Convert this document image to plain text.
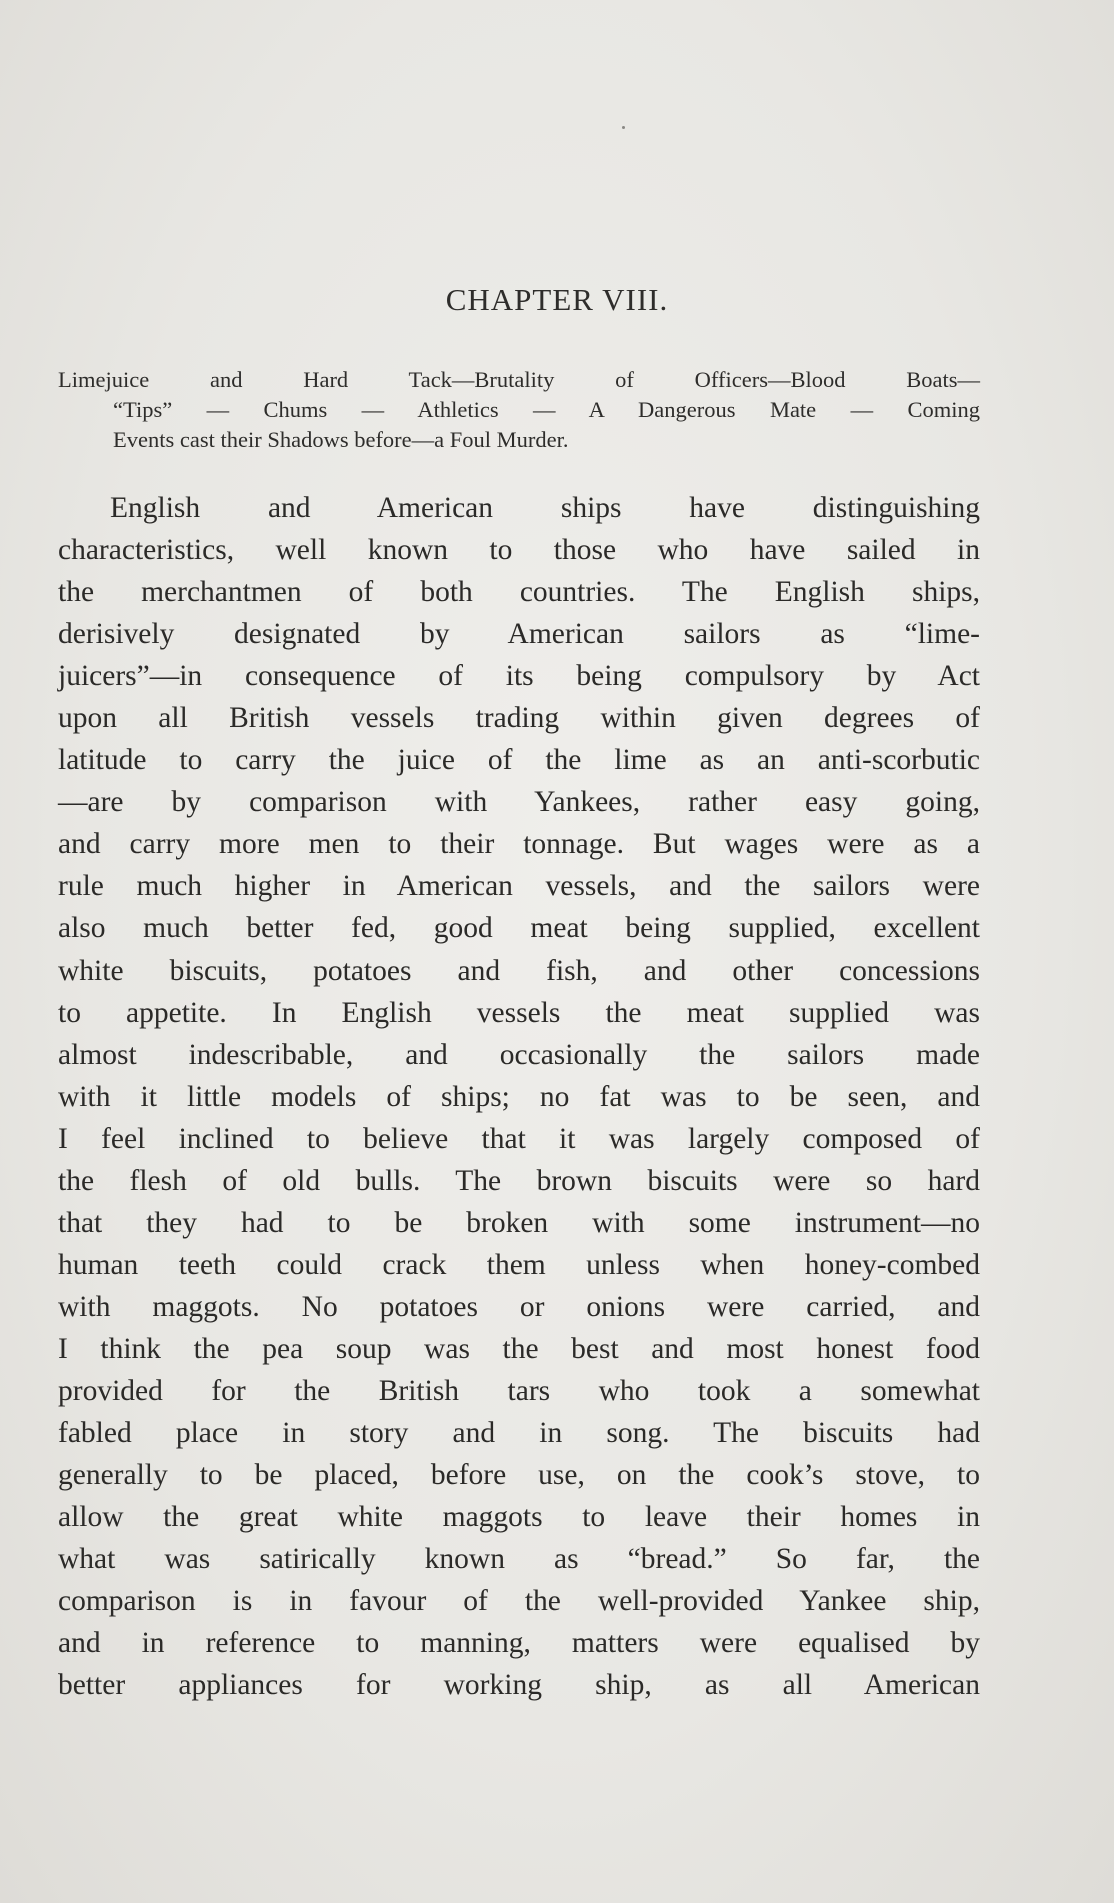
CHAPTER VIII.
Limejuice and Hard Tack—Brutality of Officers—Blood Boats—
“Tips” — Chums — Athletics — A Dangerous Mate — Coming
Events cast their Shadows before—a Foul Murder.
English and American ships have distinguishing
characteristics, well known to those who have sailed in
the merchantmen of both countries. The English ships,
derisively designated by American sailors as “lime-
juicers”—in consequence of its being compulsory by Act
upon all British vessels trading within given degrees of
latitude to carry the juice of the lime as an anti-scorbutic
—are by comparison with Yankees, rather easy going,
and carry more men to their tonnage. But wages were as a
rule much higher in American vessels, and the sailors were
also much better fed, good meat being supplied, excellent
white biscuits, potatoes and fish, and other concessions
to appetite. In English vessels the meat supplied was
almost indescribable, and occasionally the sailors made
with it little models of ships; no fat was to be seen, and
I feel inclined to believe that it was largely composed of
the flesh of old bulls. The brown biscuits were so hard
that they had to be broken with some instrument—no
human teeth could crack them unless when honey-combed
with maggots. No potatoes or onions were carried, and
I think the pea soup was the best and most honest food
provided for the British tars who took a somewhat
fabled place in story and in song. The biscuits had
generally to be placed, before use, on the cook’s stove, to
allow the great white maggots to leave their homes in
what was satirically known as “bread.” So far, the
comparison is in favour of the well-provided Yankee ship,
and in reference to manning, matters were equalised by
better appliances for working ship, as all American
